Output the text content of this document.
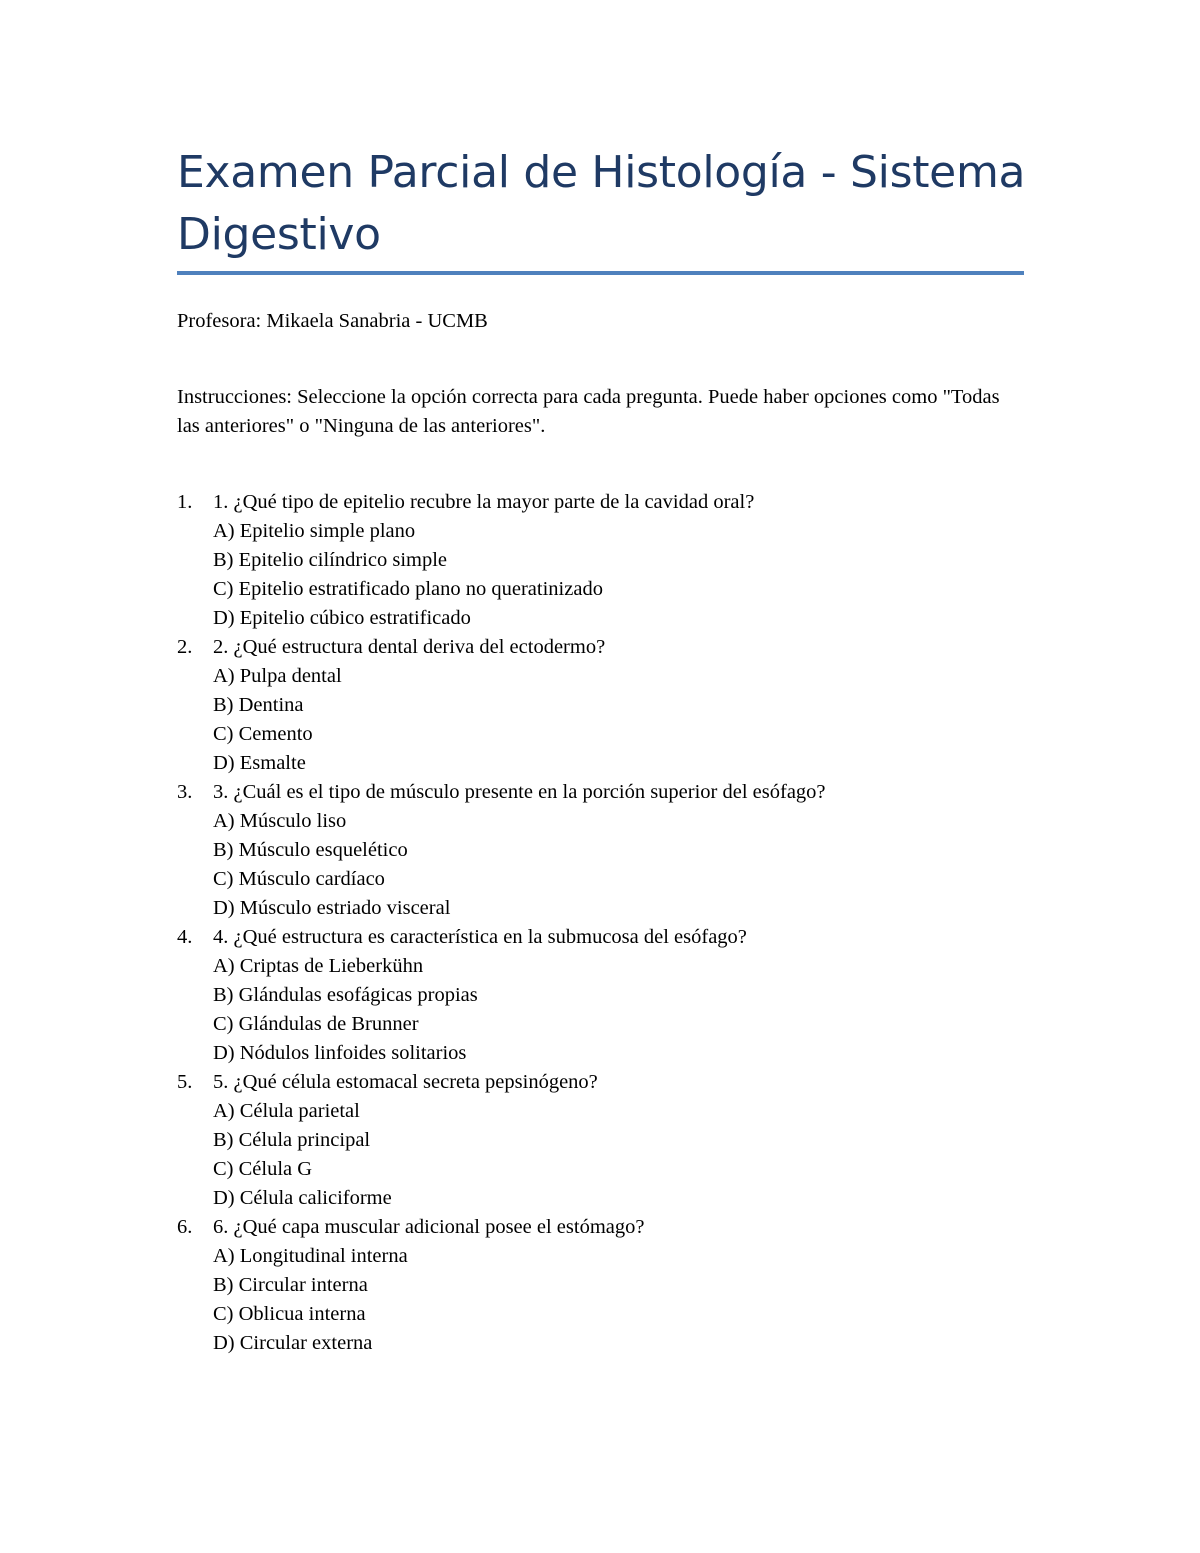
Examen Parcial de Histología - Sistema Digestivo

Profesora: Mikaela Sanabria - UCMB

Instrucciones: Seleccione la opción correcta para cada pregunta. Puede haber opciones como "Todas las anteriores" o "Ninguna de las anteriores".

1. 1. ¿Qué tipo de epitelio recubre la mayor parte de la cavidad oral?
A) Epitelio simple plano
B) Epitelio cilíndrico simple
C) Epitelio estratificado plano no queratinizado
D) Epitelio cúbico estratificado
2. 2. ¿Qué estructura dental deriva del ectodermo?
A) Pulpa dental
B) Dentina
C) Cemento
D) Esmalte
3. 3. ¿Cuál es el tipo de músculo presente en la porción superior del esófago?
A) Músculo liso
B) Músculo esquelético
C) Músculo cardíaco
D) Músculo estriado visceral
4. 4. ¿Qué estructura es característica en la submucosa del esófago?
A) Criptas de Lieberkühn
B) Glándulas esofágicas propias
C) Glándulas de Brunner
D) Nódulos linfoides solitarios
5. 5. ¿Qué célula estomacal secreta pepsinógeno?
A) Célula parietal
B) Célula principal
C) Célula G
D) Célula caliciforme
6. 6. ¿Qué capa muscular adicional posee el estómago?
A) Longitudinal interna
B) Circular interna
C) Oblicua interna
D) Circular externa
